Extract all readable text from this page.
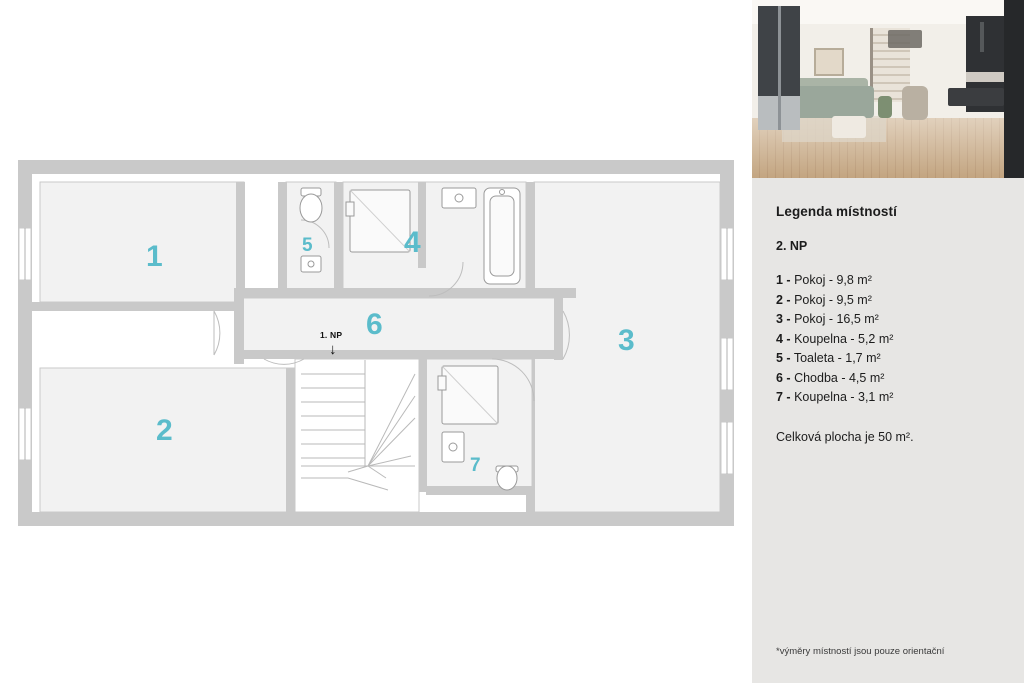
1
2
3
4
5
6
7
1. NP
↓

Legenda místností

2. NP

1 - Pokoj - 9,8 m²
2 - Pokoj - 9,5 m²
3 - Pokoj - 16,5 m²
4 - Koupelna - 5,2 m²
5 - Toaleta - 1,7 m²
6 - Chodba - 4,5 m²
7 - Koupelna - 3,1 m²

Celková plocha je 50 m².

*výměry místností jsou pouze orientační
